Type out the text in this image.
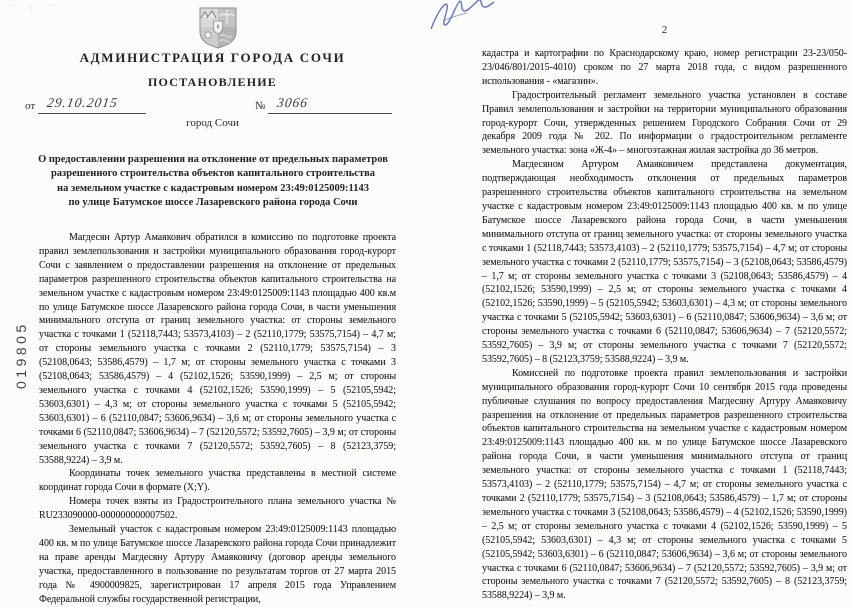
АДМИНИСТРАЦИЯ ГОРОДА СОЧИ
ПОСТАНОВЛЕНИЕ
от 29.10.2015	№ 3066
город Сочи
019805
О предоставлении разрешения на отклонение от предельных параметров
разрешенного строительства объектов капитального строительства
на земельном участке с кадастровым номером 23:49:0125009:1143
по улице Батумское шоссе Лазаревского района города Сочи

Магдесян Артур Амаякович обратился в комиссию по подготовке проекта правил землепользования и застройки муниципального образования город-курорт Сочи с заявлением о предоставлении разрешения на отклонение от предельных параметров разрешенного строительства объектов капитального строительства на земельном участке с кадастровым номером 23:49:0125009:1143 площадью 400 кв.м по улице Батумское шоссе Лазаревского района города Сочи, в части уменьшения минимального отступа от границ земельного участка: от стороны земельного участка с точками 1 (52118,7443; 53573,4103) – 2 (52110,1779; 53575,7154) – 4,7 м; от стороны земельного участка с точками 2 (52110,1779; 53575,7154) – 3 (52108,0643; 53586,4579) – 1,7 м; от стороны земельного участка с точками 3 (52108,0643; 53586,4579) – 4 (52102,1526; 53590,1999) – 2,5 м; от стороны земельного участка с точками 4 (52102,1526; 53590,1999) – 5 (52105,5942; 53603,6301) – 4,3 м; от стороны земельного участка с точками 5 (52105,5942; 53603,6301) – 6 (52110,0847; 53606,9634) – 3,6 м; от стороны земельного участка с точками 6 (52110,0847; 53606,9634) – 7 (52120,5572; 53592,7605) – 3,9 м; от стороны земельного участка с точками 7 (52120,5572; 53592,7605) – 8 (52123,3759; 53588,9224) – 3,9 м.

Координаты точек земельного участка представлены в местной системе координат города Сочи в формате (X;Y).

Номера точек взяты из Градостроительного плана земельного участка № RU233090000-000000000007502.

Земельный участок с кадастровым номером 23:49:0125009:1143 площадью 400 кв. м по улице Батумское шоссе Лазаревского района города Сочи принадлежит на праве аренды Магдесяну Артуру Амаяковичу (договор аренды земельного участка, предоставленного в пользование по результатам торгов от 27 марта 2015 года № 4900009825, зарегистрирован 17 апреля 2015 года Управлением Федеральной службы государственной регистрации,

2

кадастра и картографии по Краснодарскому краю, номер регистрации 23-23/050-23/046/801/2015-4010) сроком по 27 марта 2018 года, с видом разрешенного использования - «магазин».

Градостроительный регламент земельного участка установлен в составе Правил землепользования и застройки на территории муниципального образования город-курорт Сочи, утвержденных решением Городского Собрания Сочи от 29 декабря 2009 года № 202. По информации о градостроительном регламенте земельного участка: зона «Ж-4» – многоэтажная жилая застройка до 36 метров.

Магдесяном Артуром Амаяковичем представлена документация, подтверждающая необходимость отклонения от предельных параметров разрешенного строительства объектов капитального строительства на земельном участке с кадастровым номером 23:49:0125009:1143 площадью 400 кв. м по улице Батумское шоссе Лазаревского района города Сочи, в части уменьшения минимального отступа от границ земельного участка: от стороны земельного участка с точками 1 (52118,7443; 53573,4103) – 2 (52110,1779; 53575,7154) – 4,7 м; от стороны земельного участка с точками 2 (52110,1779; 53575,7154) – 3 (52108,0643; 53586,4579) – 1,7 м; от стороны земельного участка с точками 3 (52108,0643; 53586,4579) – 4 (52102,1526; 53590,1999) – 2,5 м; от стороны земельного участка с точками 4 (52102,1526; 53590,1999) – 5 (52105,5942; 53603,6301) – 4,3 м; от стороны земельного участка с точками 5 (52105,5942; 53603,6301) – 6 (52110,0847; 53606,9634) – 3,6 м; от стороны земельного участка с точками 6 (52110,0847; 53606,9634) – 7 (52120,5572; 53592,7605) – 3,9 м; от стороны земельного участка с точками 7 (52120,5572; 53592,7605) – 8 (52123,3759; 53588,9224) – 3,9 м.

Комиссией по подготовке проекта правил землепользования и застройки муниципального образования город-курорт Сочи 10 сентября 2015 года проведены публичные слушания по вопросу предоставления Магдесяну Артуру Амаяковичу разрешения на отклонение от предельных параметров разрешенного строительства объектов капитального строительства на земельном участке с кадастровым номером 23:49:0125009:1143 площадью 400 кв. м по улице Батумское шоссе Лазаревского района города Сочи, в части уменьшения минимального отступа от границ земельного участка: от стороны земельного участка с точками 1 (52118,7443; 53573,4103) – 2 (52110,1779; 53575,7154) – 4,7 м; от стороны земельного участка с точками 2 (52110,1779; 53575,7154) – 3 (52108,0643; 53586,4579) – 1,7 м; от стороны земельного участка с точками 3 (52108,0643; 53586,4579) – 4 (52102,1526; 53590,1999) – 2,5 м; от стороны земельного участка с точками 4 (52102,1526; 53590,1999) – 5 (52105,5942; 53603,6301) – 4,3 м; от стороны земельного участка с точками 5 (52105,5942; 53603,6301) – 6 (52110,0847; 53606,9634) – 3,6 м; от стороны земельного участка с точками 6 (52110,0847; 53606,9634) – 7 (52120,5572; 53592,7605) – 3,9 м; от стороны земельного участка с точками 7 (52120,5572; 53592,7605) – 8 (52123,3759; 53588,9224) – 3,9 м.
